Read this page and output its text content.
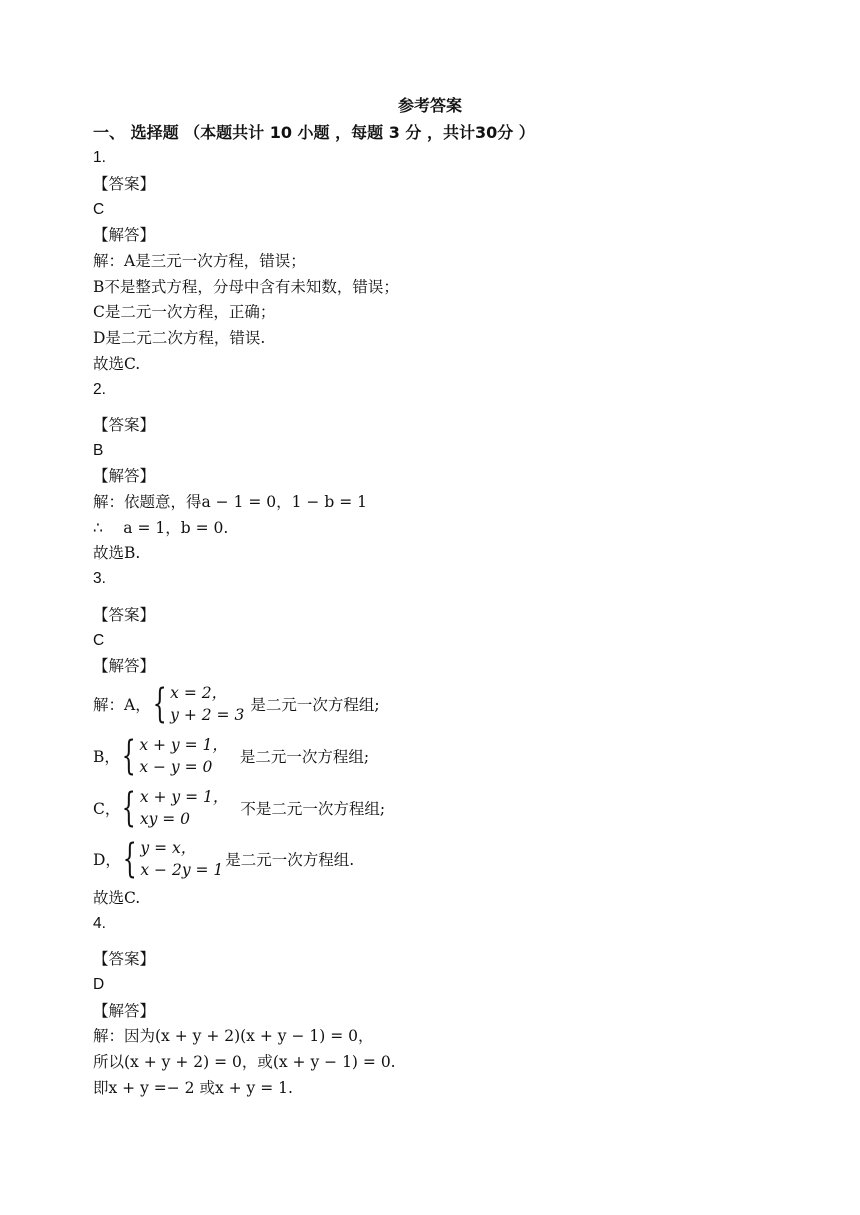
参考答案
一、 选择题 （本题共计 10 小题 ，每题 3 分 ，共计30分 ）
1.
【答案】
C
【解答】
解：A是三元一次方程，错误；
B不是整式方程，分母中含有未知数，错误；
C是二元一次方程，正确；
D是二元二次方程，错误.
故选C.
2.
【答案】
B
【解答】
解：依题意，得a − 1 = 0，1 − b = 1
∴　 a = 1，b = 0.
故选B.
3.
【答案】
C
【解答】
解：A， { x = 2，
y + 2 = 3
是二元一次方程组;
B， { x + y = 1，
x − y = 0
是二元一次方程组;
C， { x + y = 1，
xy = 0
不是二元一次方程组;
D， { y = x，
x − 2y = 1
是二元一次方程组.
故选C.
4.
【答案】
D
【解答】
解：因为(x + y + 2)(x + y − 1) = 0，
所以(x + y + 2) = 0，或(x + y − 1) = 0.
即x + y =− 2 或x + y = 1.
